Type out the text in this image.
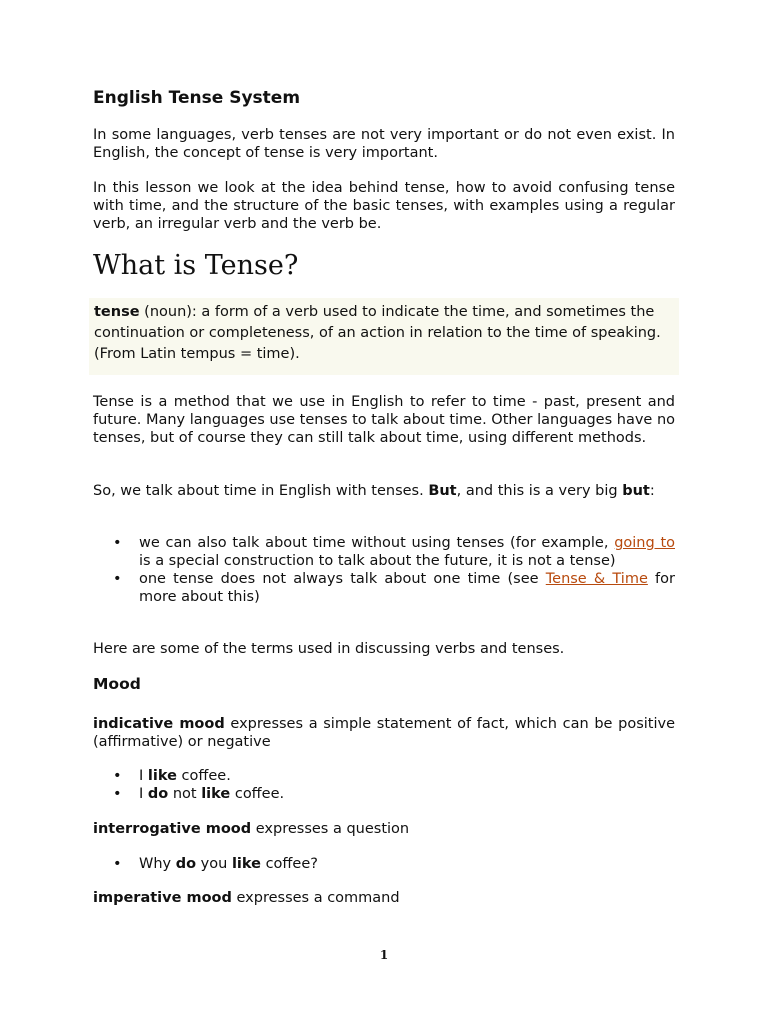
English Tense System

In some languages, verb tenses are not very important or do not even exist. In English, the concept of tense is very important.

In this lesson we look at the idea behind tense, how to avoid confusing tense with time, and the structure of the basic tenses, with examples using a regular verb, an irregular verb and the verb be.

What is Tense?
tense (noun): a form of a verb used to indicate the time, and sometimes the continuation or completeness, of an action in relation to the time of speaking. (From Latin tempus = time).

Tense is a method that we use in English to refer to time - past, present and future. Many languages use tenses to talk about time. Other languages have no tenses, but of course they can still talk about time, using different methods.

So, we talk about time in English with tenses. But, and this is a very big but:

• we can also talk about time without using tenses (for example, going to is a special construction to talk about the future, it is not a tense)
• one tense does not always talk about one time (see Tense & Time for more about this)

Here are some of the terms used in discussing verbs and tenses.

Mood

indicative mood expresses a simple statement of fact, which can be positive (affirmative) or negative

• I like coffee.
• I do not like coffee.

interrogative mood expresses a question

• Why do you like coffee?

imperative mood expresses a command

1
